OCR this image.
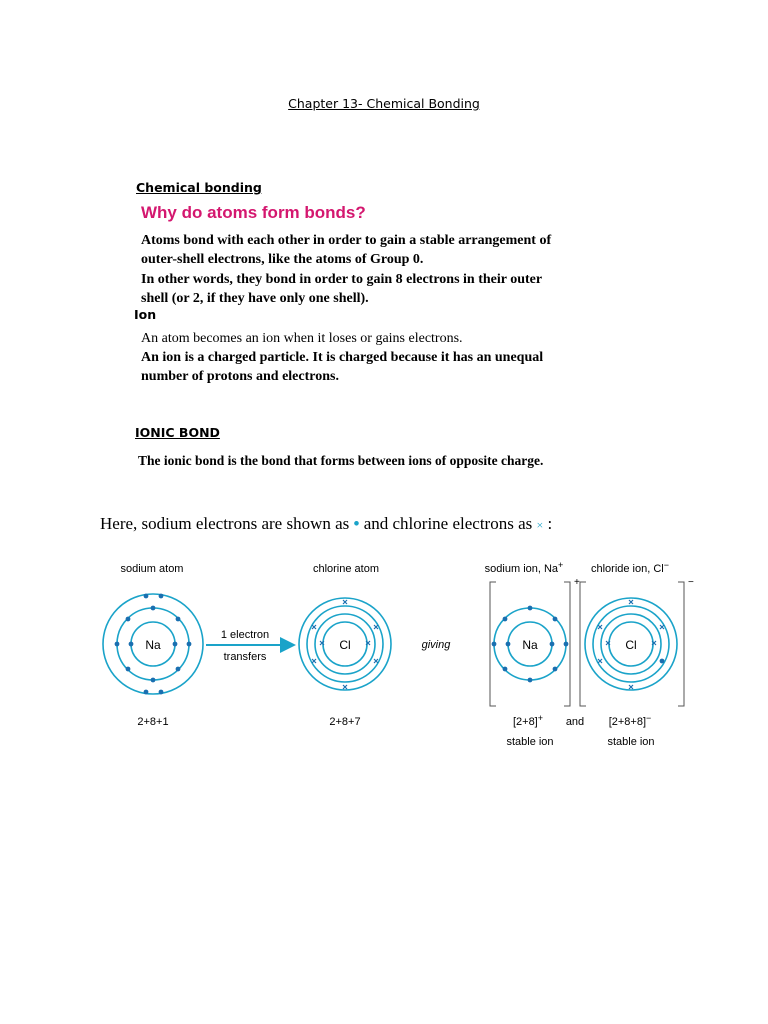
Chapter 13- Chemical Bonding
Chemical bonding
Why do atoms form bonds?
Atoms bond with each other in order to gain a stable arrangement of
outer-shell electrons, like the atoms of Group 0.
In other words, they bond in order to gain 8 electrons in their outer
shell (or 2, if they have only one shell).
Ion
An atom becomes an ion when it loses or gains electrons.
An ion is a charged particle. It is charged because it has an unequal
number of protons and electrons.
IONIC BOND
The ionic bond is the bond that forms between ions of opposite charge.
Here, sodium electrons are shown as • and chlorine electrons as × :
sodium atom	chlorine atom	sodium ion, Na+	chloride ion, Cl−
Na
1 electron
transfers
Cl	giving
+
Na
−
Cl
2+8+1	2+8+7	[2+8]+ and [2+8+8]−
stable ion	stable ion
